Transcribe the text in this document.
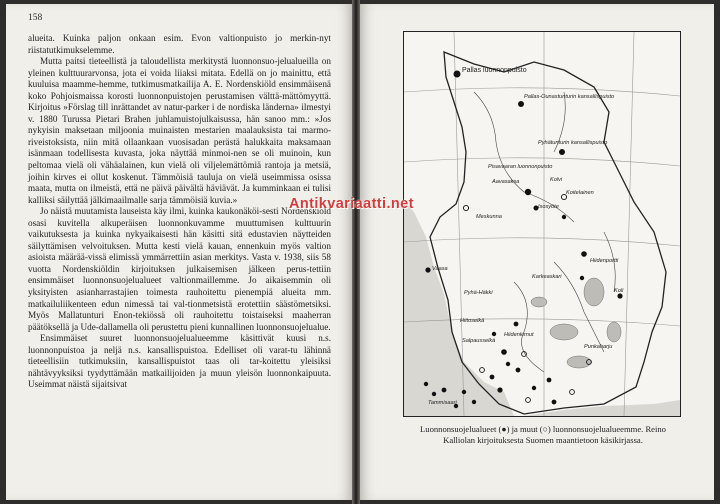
158

alueita. Kuinka paljon onkaan esim. Evon valtionpuisto jo merkin-nyt riistatutkimukselemme.

Mutta paitsi tieteellistä ja taloudellista merkitystä luonnonsuo-jelualueilla on yleinen kulttuurarvonsa, jota ei voida liiaksi mitata. Edellä on jo mainittu, että kuuluisa maamme-hemme, tutkimusmatkailija A. E. Nordenskiöld ensimmäisenä koko Pohjoismaissa korosti luonnonpuistojen perustamisen välttä-mättömyyttä. Kirjoitus »Förslag till inrättandet av natur-parker i de nordiska länderna» ilmestyi v. 1880 Turussa Pietari Brahen juhlamuistojulkaisussa, hän sanoo mm.: »Jos nykyisin maksetaan miljoonia muinaisten mestarien maalauksista tai marmo-riveistoksista, niin mitä ollaankaan vuosisadan perästä halukkaita maksamaan isänmaan todellisesta kuvasta, joka näyttää minmoi-nen se oli muinoin, kun peltomaa vielä oli vähäalainen, kun vielä oli viljelemättömiä rantoja ja metsiä, joihin kirves ei ollut koskenut. Tämmöisiä tauluja on vielä useimmissa osissa maata, mutta on ilmeistä, että ne päivä päivältä häviävät. Ja kumminkaan ei tulisi kalliksi säilyttää jälkimaailmalle sarja tämmöisiä kuvia.»

Jo näistä muutamista lauseista käy ilmi, kuinka kaukonäköi-sesti Nordenskiöld osasi kuvitella alkuperäisen luonnonkuvamme muuttumisen kulttuurin vaikutuksesta ja kuinka nykyaikaisesti hän käsitti sitä edustavien näytteiden säilyttämisen velvoituksen. Mutta kesti vielä kauan, ennenkuin myös valtion asioista määrää-vissä elimissä ymmärrettiin asian merkitys. Vasta v. 1938, siis 58 vuotta Nordenskiöldin kirjoituksen julkaisemisen jälkeen perus-tettiin ensimmäiset luonnonsuojelualueet valtionmaillemme. Jo aikaisemmin oli yksityisten asianharrastajien toimesta rauhoitettu pienempiä alueita mm. matkailuliikenteen edun nimessä tai val-tionmetsistä erotettiin säästömetsiksi. Myös Mallatunturi Enon-tekiössä oli rauhoitettu toistaiseksi maaherran päätöksellä ja Ude-dallamella oli perustettu pieni kunnallinen luonnonsuojelualue.

Ensimmäiset suuret luonnonsuojelualueemme käsittivät kuusi n.s. luonnonpuistoa ja neljä n.s. kansallispuistoa. Edelliset oli varat-tu lähinnä tieteellisiin tutkimuksiin, kansallispuistot taas oli tar-koitettu yleisiksi nähtävyyksiksi tyydyttämään matkailijoiden ja muun yleisön luonnonkaipuuta. Useimmat näistä sijaitsivat

Pallas luonnonpuisto
Pallas-Ounastunturin kansallispuisto
Pyhätunturin kansallispuisto
Pisavaaran luonnonpuisto
Aavasaksa	Kolvi
Koitelainen
Isosyöte
Meskunna
Hiidenportti
Vaasa
Karkeaskari
Koli
Pyhä-Häkki
Hiidenkirnut
Hiitoselkä
Salpausselkä
Tammisaari
Punkaharju
Luonnonsuojelualueet (●) ja muut (○) luonnonsuojelualueemme. Reino Kalliolan kirjoituksesta Suomen maantietoon käsikirjassa.
Antikvariaatti.net
